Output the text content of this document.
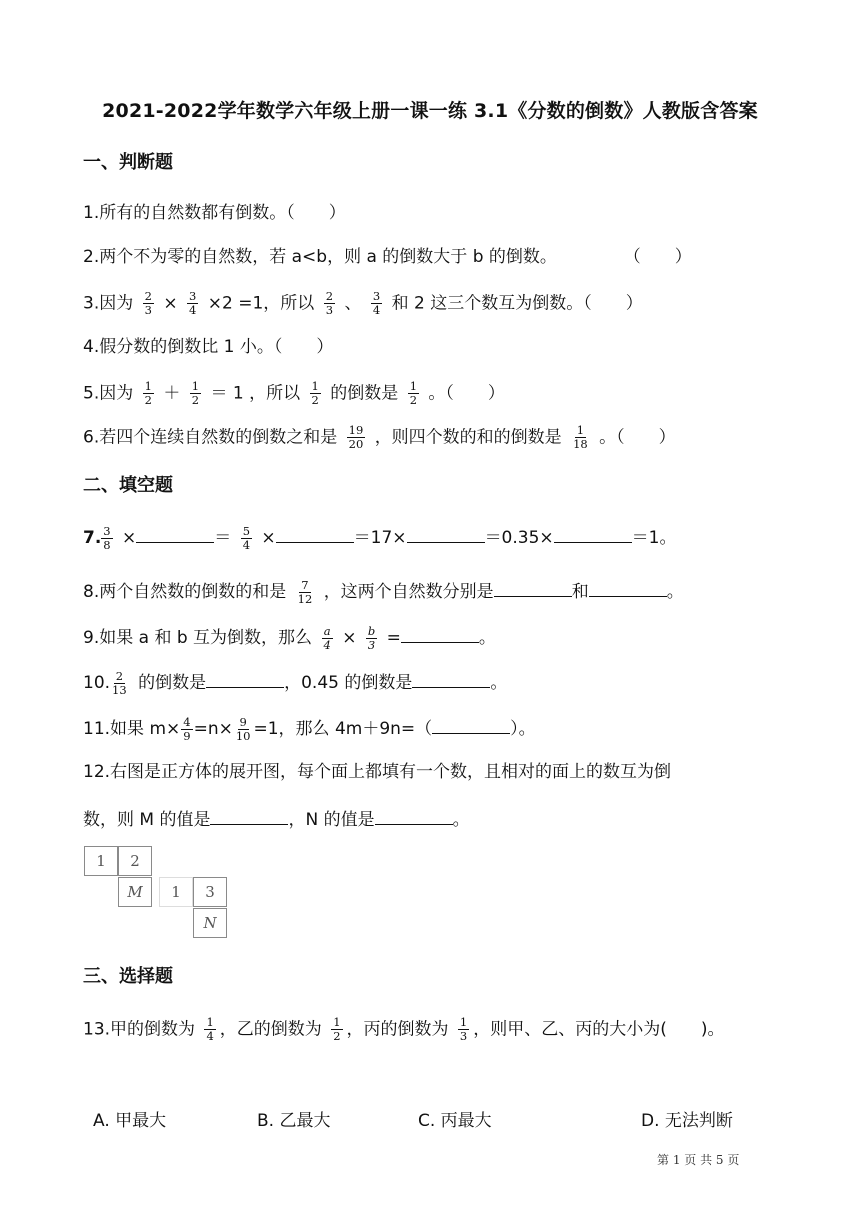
2021-2022学年数学六年级上册一课一练 3.1《分数的倒数》人教版含答案
一、判断题
1.所有的自然数都有倒数。（　　）
2.两个不为零的自然数，若 a<b，则 a 的倒数大于 b 的倒数。	（　　）
3.因为 $\frac{2}{3} \times \frac{3}{4} \times 2 =1$，所以 $\frac{2}{3}$ 、 $\frac{3}{4}$ 和 2 这三个数互为倒数。（　　）
4.假分数的倒数比 1 小。（　　）
5.因为 $\frac{1}{2} + \frac{1}{2} = 1$ ，所以 $\frac{1}{2}$ 的倒数是 $\frac{1}{2}$ 。（　　）
6.若四个连续自然数的倒数之和是 $\frac{19}{20}$ ，则四个数的和的倒数是 $\frac{1}{18}$ 。（　　）
二、填空题
7. $\frac{3}{8}$ ×	＝ $\frac{5}{4}$ ×	＝17×	＝0.35×	＝1。
8.两个自然数的倒数的和是 $\frac{7}{12}$ ，这两个自然数分别是	和	。
9.如果 a 和 b 互为倒数，那么 $\frac{a}{4} \times \frac{b}{3}$ =	。
10. $\frac{2}{13}$ 的倒数是	，0.45 的倒数是	。
11.如果 $m\times \frac{4}{9} =n\times \frac{9}{10} =1$，那么 4m＋9n=（	）。
12.右图是正方体的展开图，每个面上都填有一个数，且相对的面上的数互为倒
数，则 M 的值是	，N 的值是	。
1	2
M	1	3
N
三、选择题
13.甲的倒数为 $\frac{1}{4}$ ，乙的倒数为 $\frac{1}{2}$ ，丙的倒数为 $\frac{1}{3}$ ，则甲、乙、丙的大小为(　　)。
A. 甲最大	B. 乙最大	C. 丙最大	D. 无法判断
第 1 页 共 5 页
